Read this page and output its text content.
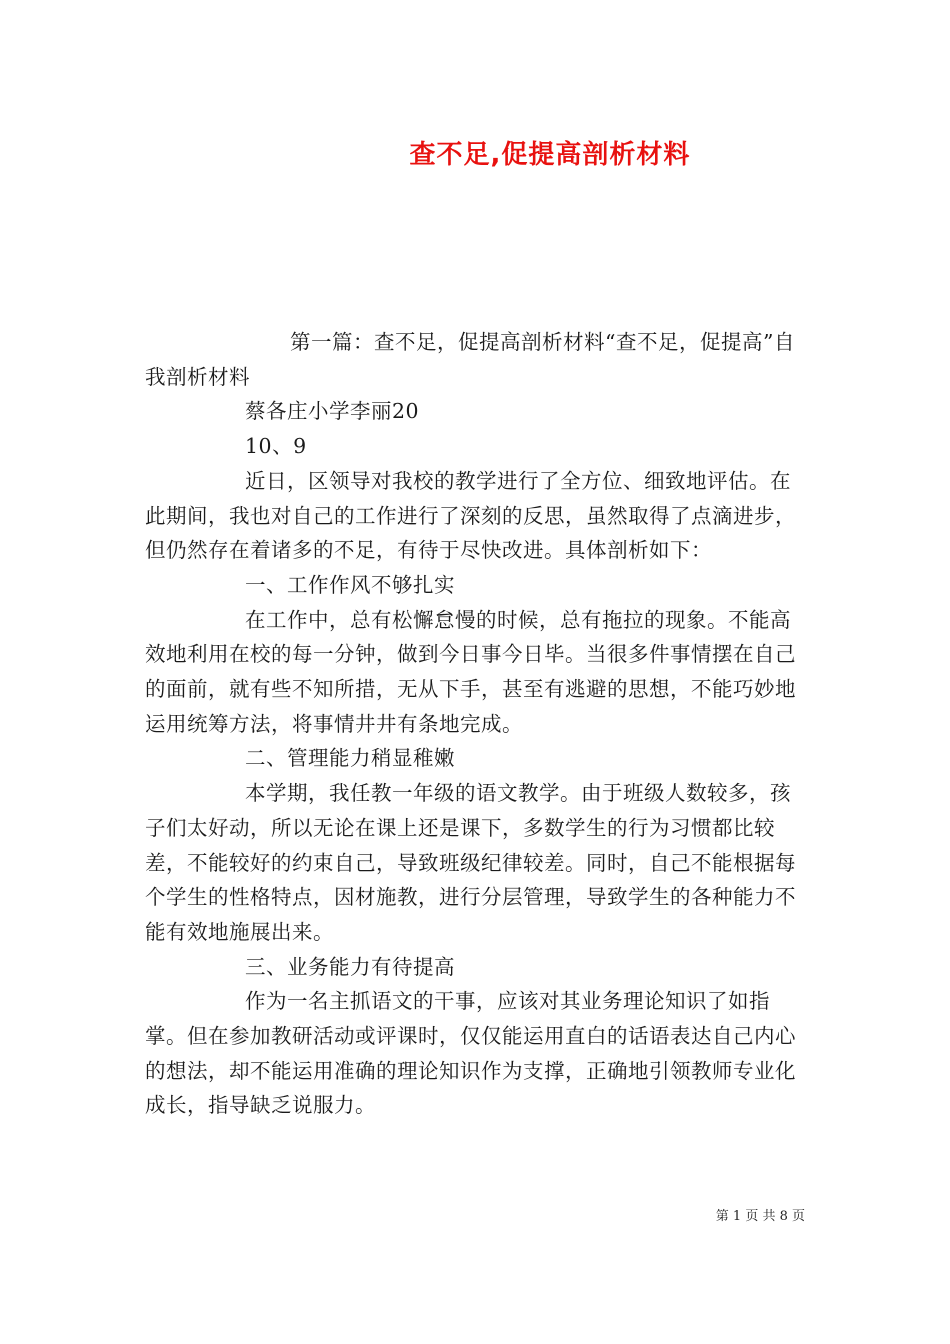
查不足,促提高剖析材料

第一篇：查不足，促提高剖析材料“查不足，促提高”自我剖析材料

蔡各庄小学李丽20

10、9

近日，区领导对我校的教学进行了全方位、细致地评估。在此期间，我也对自己的工作进行了深刻的反思，虽然取得了点滴进步，但仍然存在着诸多的不足，有待于尽快改进。具体剖析如下：

一、工作作风不够扎实

在工作中，总有松懈怠慢的时候，总有拖拉的现象。不能高效地利用在校的每一分钟，做到今日事今日毕。当很多件事情摆在自己的面前，就有些不知所措，无从下手，甚至有逃避的思想，不能巧妙地运用统筹方法，将事情井井有条地完成。

二、管理能力稍显稚嫩

本学期，我任教一年级的语文教学。由于班级人数较多，孩子们太好动，所以无论在课上还是课下，多数学生的行为习惯都比较差，不能较好的约束自己，导致班级纪律较差。同时，自己不能根据每个学生的性格特点，因材施教，进行分层管理，导致学生的各种能力不能有效地施展出来。

三、业务能力有待提高

作为一名主抓语文的干事，应该对其业务理论知识了如指掌。但在参加教研活动或评课时，仅仅能运用直白的话语表达自己内心的想法，却不能运用准确的理论知识作为支撑，正确地引领教师专业化成长，指导缺乏说服力。

第 1 页 共 8 页
